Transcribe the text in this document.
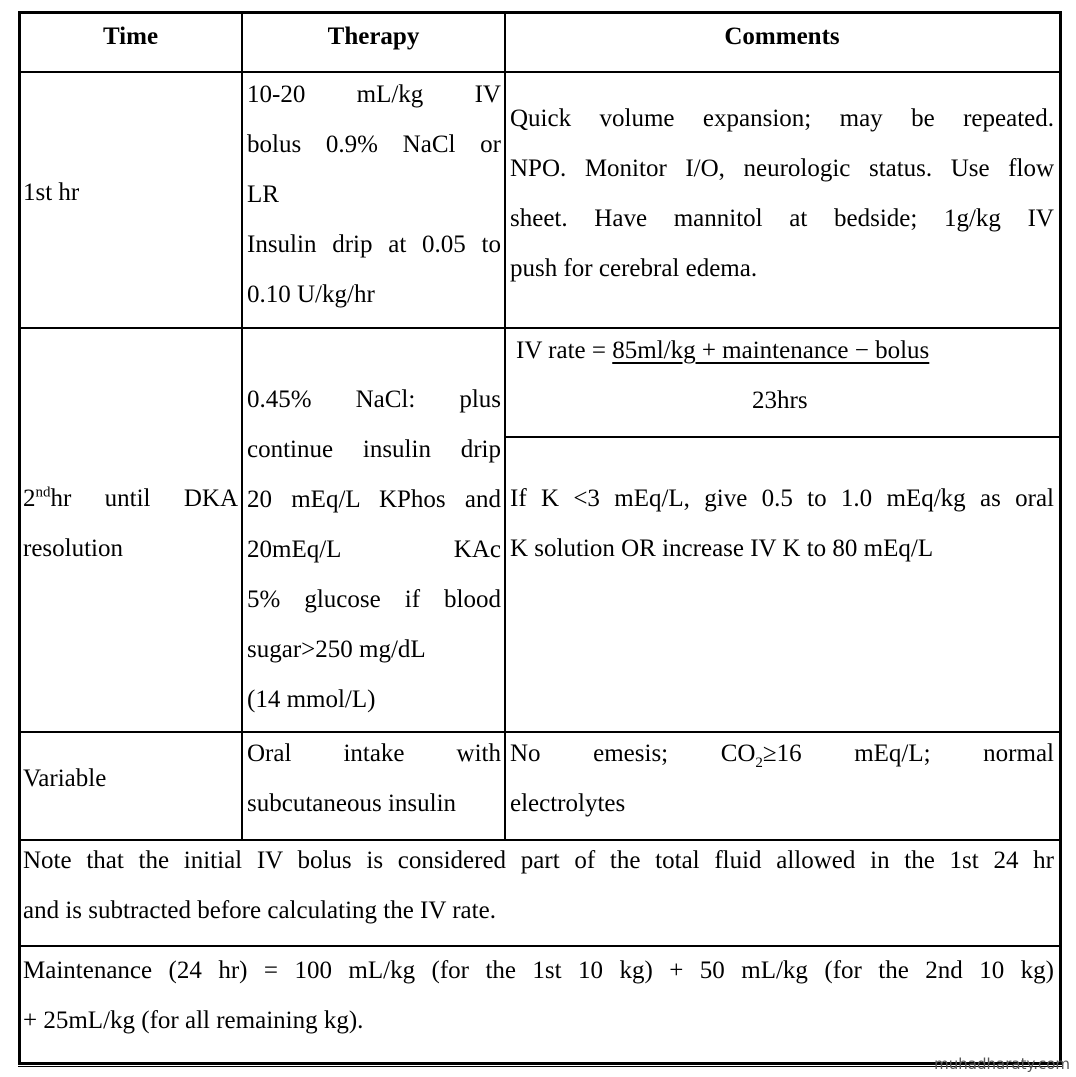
Time	Therapy	Comments
1st hr
10-20 mL/kg IV
bolus 0.9% NaCl or
LR
Insulin drip at 0.05 to
0.10 U/kg/hr
Quick volume expansion; may be repeated.
NPO. Monitor I/O, neurologic status. Use flow
sheet. Have mannitol at bedside; 1g/kg IV
push for cerebral edema.
2ndhr until DKA
resolution
0.45% NaCl: plus
continue insulin drip
20 mEq/L KPhos and
20mEq/L KAc
5% glucose if blood
sugar>250 mg/dL
(14 mmol/L)
IV rate = 85ml/kg + maintenance − bolus
23hrs
If K <3 mEq/L, give 0.5 to 1.0 mEq/kg as oral
K solution OR increase IV K to 80 mEq/L
Variable
Oral intake with
subcutaneous insulin
No emesis; $CO_2\ge 16$ mEq/L; normal
electrolytes
Note that the initial IV bolus is considered part of the total fluid allowed in the 1st 24 hr
and is subtracted before calculating the IV rate.
Maintenance (24 hr) = 100 mL/kg (for the 1st 10 kg) + 50 mL/kg (for the 2nd 10 kg)
+ 25mL/kg (for all remaining kg).
muhadharaty.com
